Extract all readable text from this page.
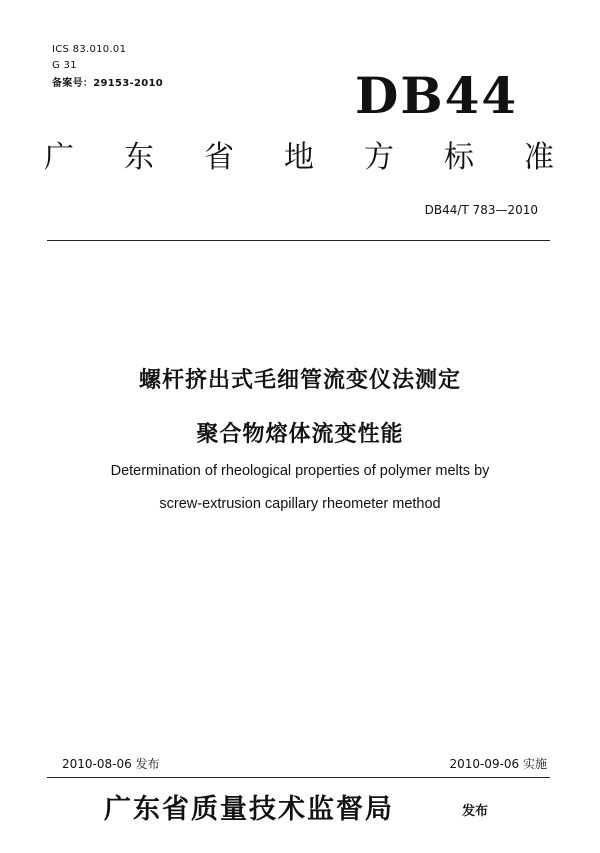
ICS 83.010.01
G 31
备案号：29153-2010	DB44
广 东 省 地 方 标 准
DB44/T 783—2010
螺杆挤出式毛细管流变仪法测定
聚合物熔体流变性能
Determination of rheological properties of polymer melts by
screw-extrusion capillary rheometer method
2010-08-06 发布	2010-09-06 实施
广东省质量技术监督局	发布
